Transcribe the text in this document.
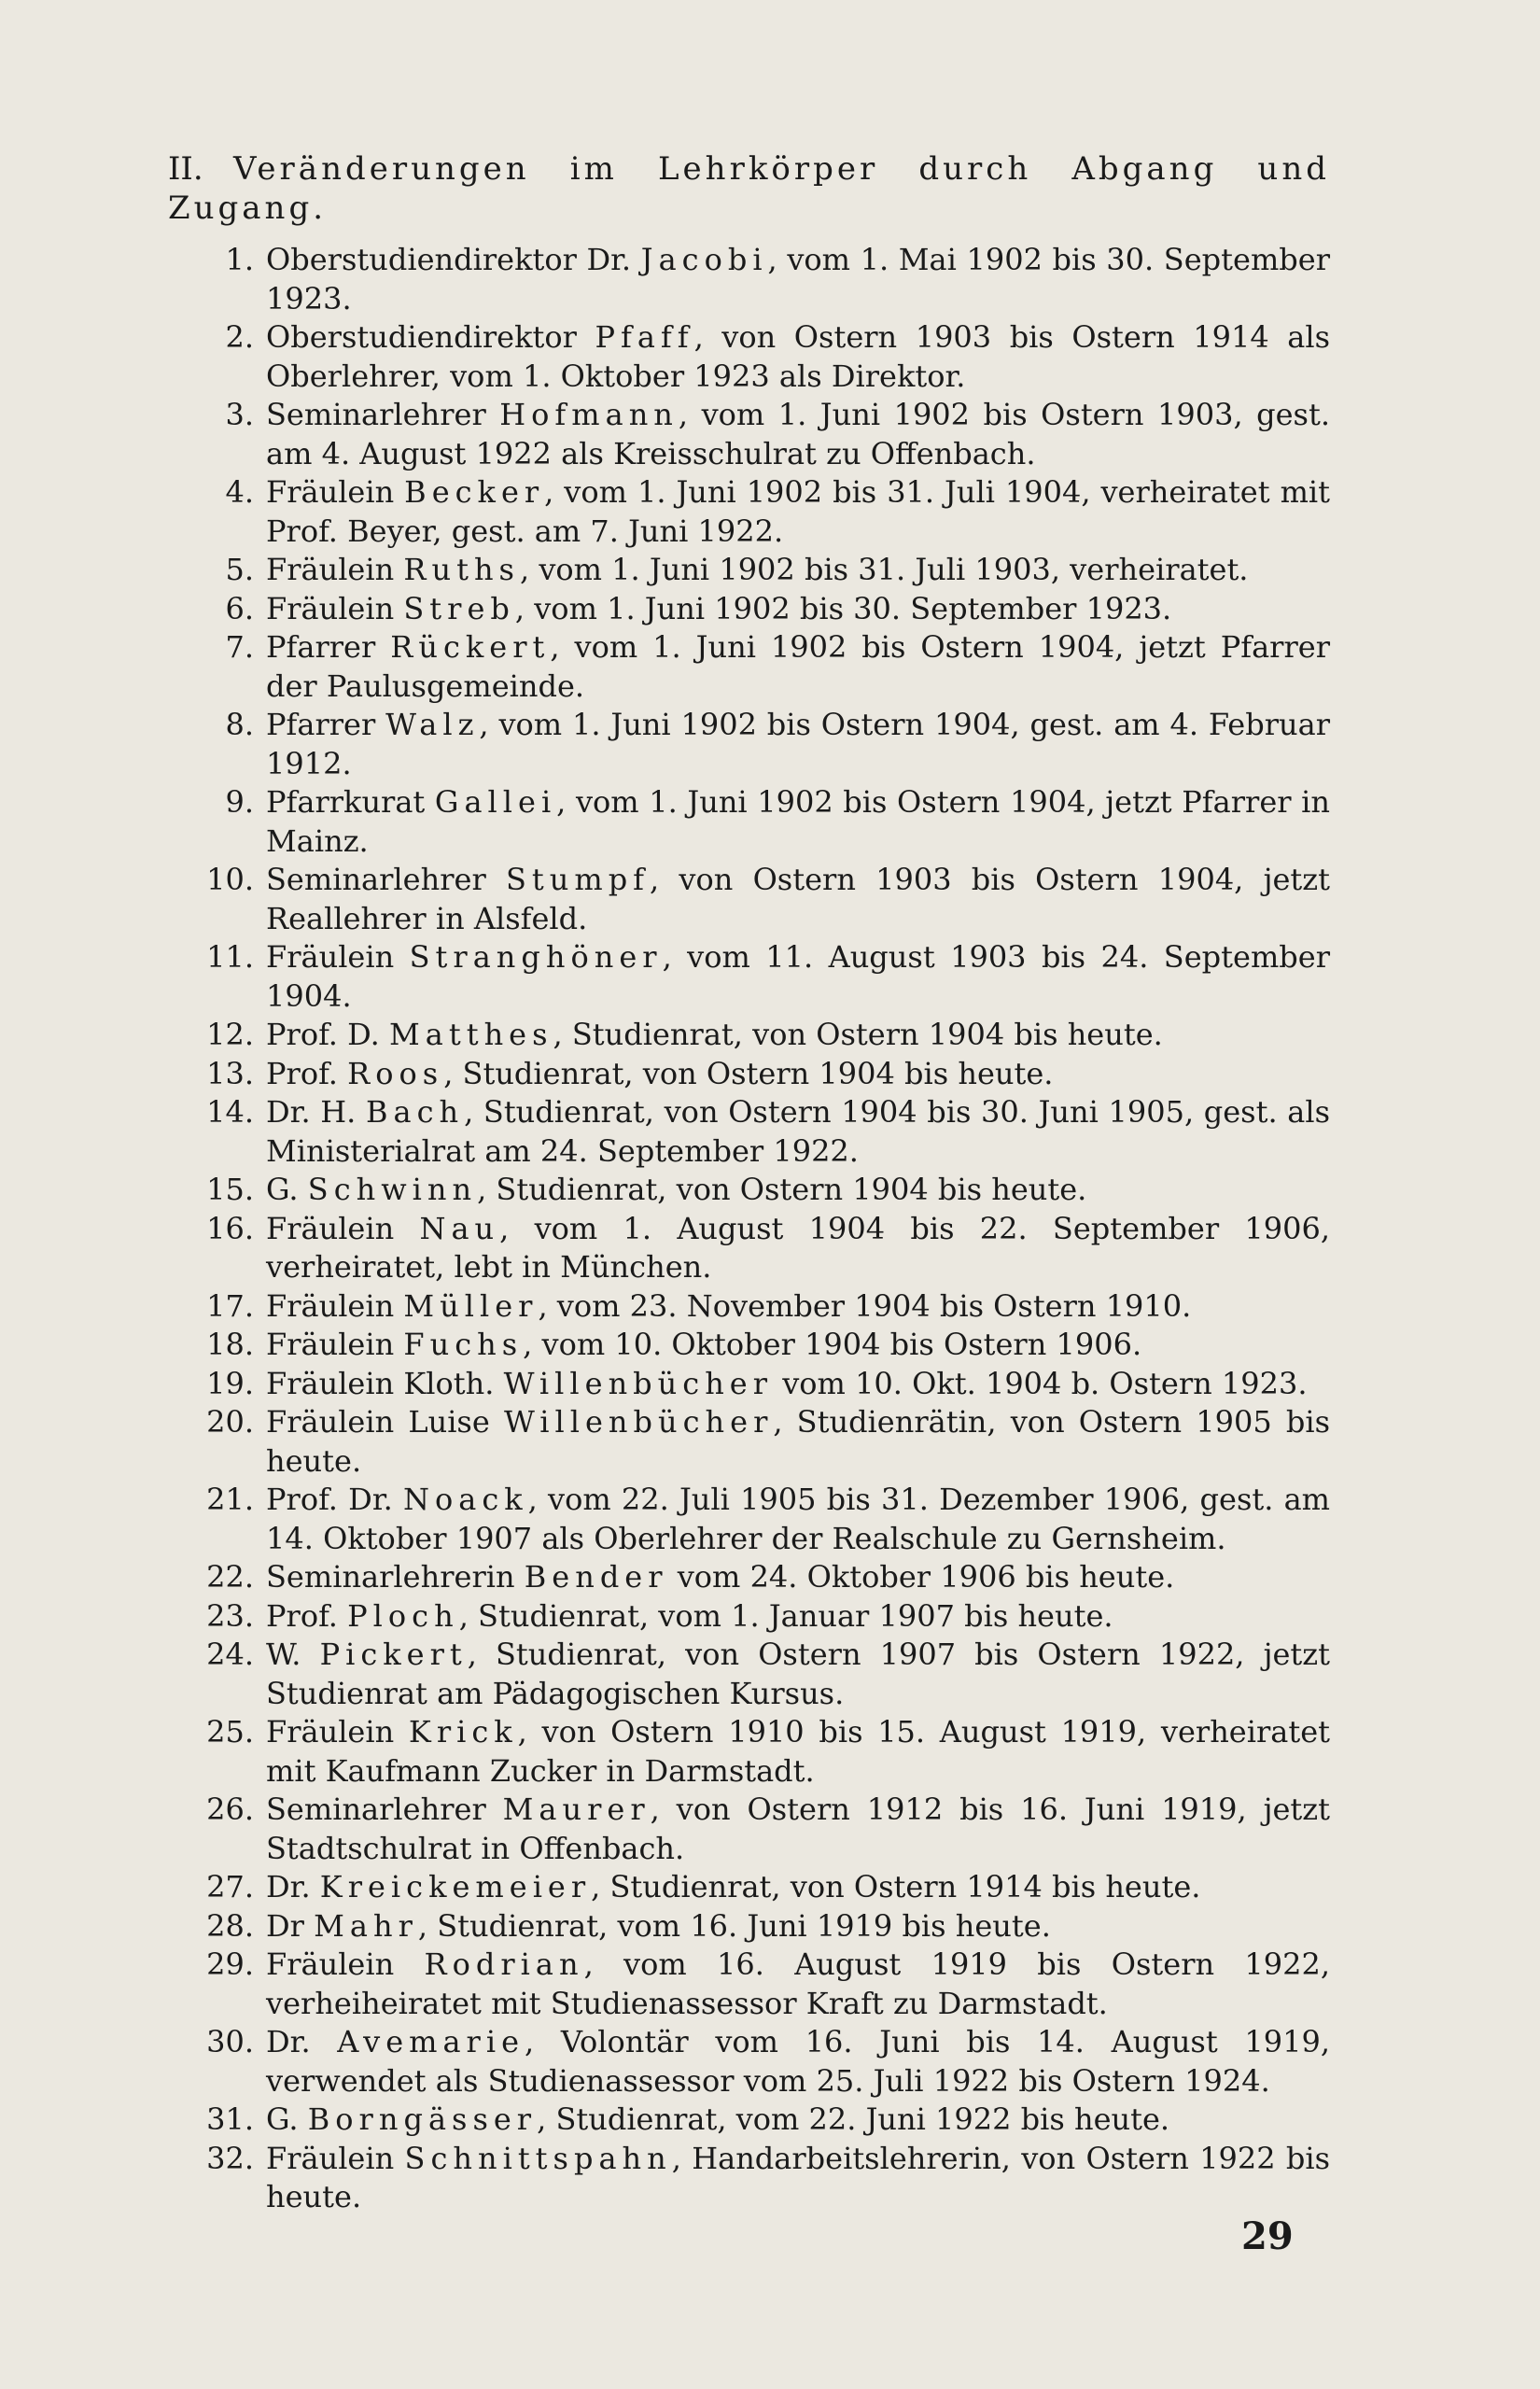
II. Veränderungen im Lehrkörper durch Abgang und Zugang.
1. Oberstudiendirektor Dr. Jacobi, vom 1. Mai 1902 bis 30. September 1923.
2. Oberstudiendirektor Pfaff, von Ostern 1903 bis Ostern 1914 als Oberlehrer, vom 1. Oktober 1923 als Direktor.
3. Seminarlehrer Hofmann, vom 1. Juni 1902 bis Ostern 1903, gest. am 4. August 1922 als Kreisschulrat zu Offenbach.
4. Fräulein Becker, vom 1. Juni 1902 bis 31. Juli 1904, verheiratet mit Prof. Beyer, gest. am 7. Juni 1922.
5. Fräulein Ruths, vom 1. Juni 1902 bis 31. Juli 1903, verheiratet.
6. Fräulein Streb, vom 1. Juni 1902 bis 30. September 1923.
7. Pfarrer Rückert, vom 1. Juni 1902 bis Ostern 1904, jetzt Pfarrer der Paulusgemeinde.
8. Pfarrer Walz, vom 1. Juni 1902 bis Ostern 1904, gest. am 4. Februar 1912.
9. Pfarrkurat Gallei, vom 1. Juni 1902 bis Ostern 1904, jetzt Pfarrer in Mainz.
10. Seminarlehrer Stumpf, von Ostern 1903 bis Ostern 1904, jetzt Reallehrer in Alsfeld.
11. Fräulein Stranghöner, vom 11. August 1903 bis 24. September 1904.
12. Prof. D. Matthes, Studienrat, von Ostern 1904 bis heute.
13. Prof. Roos, Studienrat, von Ostern 1904 bis heute.
14. Dr. H. Bach, Studienrat, von Ostern 1904 bis 30. Juni 1905, gest. als Ministerialrat am 24. September 1922.
15. G. Schwinn, Studienrat, von Ostern 1904 bis heute.
16. Fräulein Nau, vom 1. August 1904 bis 22. September 1906, verheiratet, lebt in München.
17. Fräulein Müller, vom 23. November 1904 bis Ostern 1910.
18. Fräulein Fuchs, vom 10. Oktober 1904 bis Ostern 1906.
19. Fräulein Kloth. Willenbücher vom 10. Okt. 1904 b. Ostern 1923.
20. Fräulein Luise Willenbücher, Studienrätin, von Ostern 1905 bis heute.
21. Prof. Dr. Noack, vom 22. Juli 1905 bis 31. Dezember 1906, gest. am 14. Oktober 1907 als Oberlehrer der Realschule zu Gernsheim.
22. Seminarlehrerin Bender vom 24. Oktober 1906 bis heute.
23. Prof. Ploch, Studienrat, vom 1. Januar 1907 bis heute.
24. W. Pickert, Studienrat, von Ostern 1907 bis Ostern 1922, jetzt Studienrat am Pädagogischen Kursus.
25. Fräulein Krick, von Ostern 1910 bis 15. August 1919, verheiratet mit Kaufmann Zucker in Darmstadt.
26. Seminarlehrer Maurer, von Ostern 1912 bis 16. Juni 1919, jetzt Stadtschulrat in Offenbach.
27. Dr. Kreickemeier, Studienrat, von Ostern 1914 bis heute.
28. Dr Mahr, Studienrat, vom 16. Juni 1919 bis heute.
29. Fräulein Rodrian, vom 16. August 1919 bis Ostern 1922, verheiheiratet mit Studienassessor Kraft zu Darmstadt.
30. Dr. Avemarie, Volontär vom 16. Juni bis 14. August 1919, verwendet als Studienassessor vom 25. Juli 1922 bis Ostern 1924.
31. G. Borngässer, Studienrat, vom 22. Juni 1922 bis heute.
32. Fräulein Schnittspahn, Handarbeitslehrerin, von Ostern 1922 bis heute.
29
